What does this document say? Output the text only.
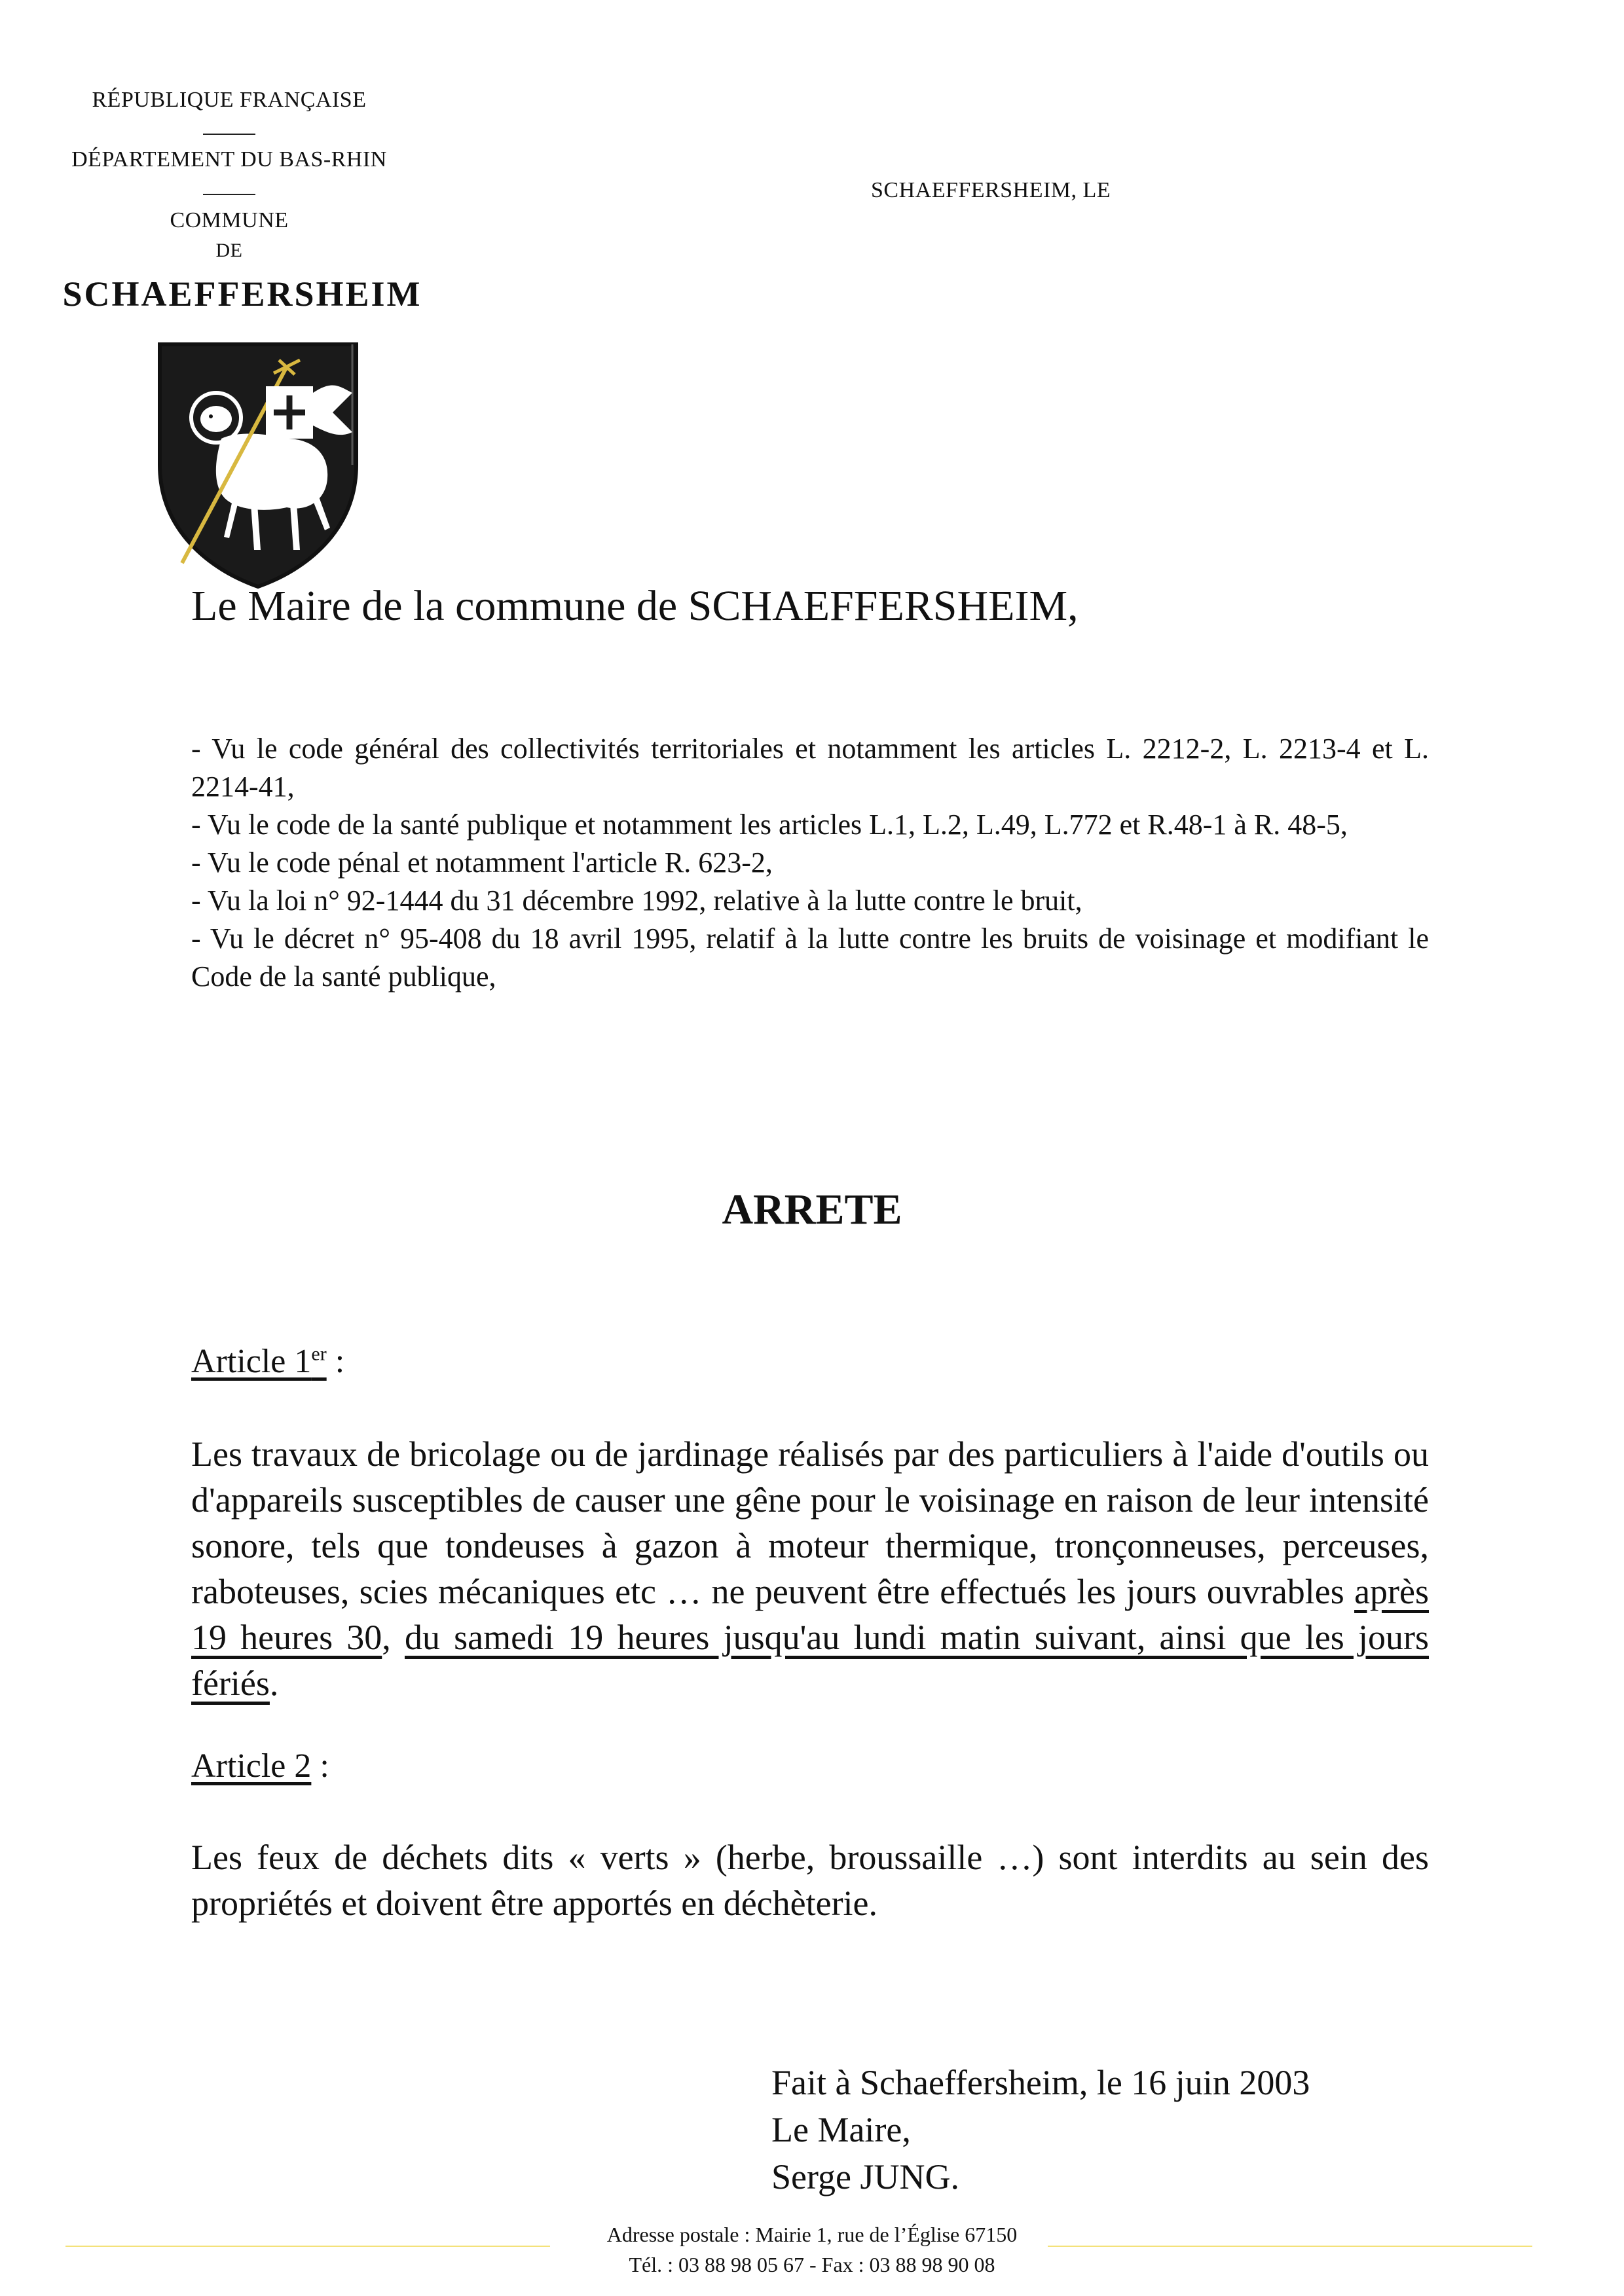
RÉPUBLIQUE FRANÇAISE
DÉPARTEMENT DU BAS-RHIN
COMMUNE
DE
SCHAEFFERSHEIM
SCHAEFFERSHEIM, LE
Le Maire de la commune de SCHAEFFERSHEIM,

- Vu le code général des collectivités territoriales et notamment les articles L. 2212-2, L. 2213-4 et L. 2214-41,

- Vu le code de la santé publique et notamment les articles L.1, L.2, L.49, L.772 et R.48-1 à R. 48-5,

- Vu le code pénal et notamment l'article R. 623-2,

- Vu la loi n° 92-1444 du 31 décembre 1992, relative à la lutte contre le bruit,

- Vu le décret n° 95-408 du 18 avril 1995, relatif à la lutte contre les bruits de voisinage et modifiant le Code de la santé publique,

ARRETE
Article 1er :
Les travaux de bricolage ou de jardinage réalisés par des particuliers à l'aide d'outils ou d'appareils susceptibles de causer une gêne pour le voisinage en raison de leur intensité sonore, tels que tondeuses à gazon à moteur thermique, tronçonneuses, perceuses, raboteuses, scies mécaniques etc … ne peuvent être effectués les jours ouvrables après 19 heures 30, du samedi 19 heures jusqu'au lundi matin suivant, ainsi que les jours fériés.
Article 2 :
Les feux de déchets dits « verts » (herbe, broussaille …) sont interdits au sein des propriétés et doivent être apportés en déchèterie.
Fait à Schaeffersheim, le 16 juin 2003
Le Maire,
Serge JUNG.
Adresse postale : Mairie 1, rue de l’Église 67150
Tél. : 03 88 98 05 67 - Fax : 03 88 98 90 08
